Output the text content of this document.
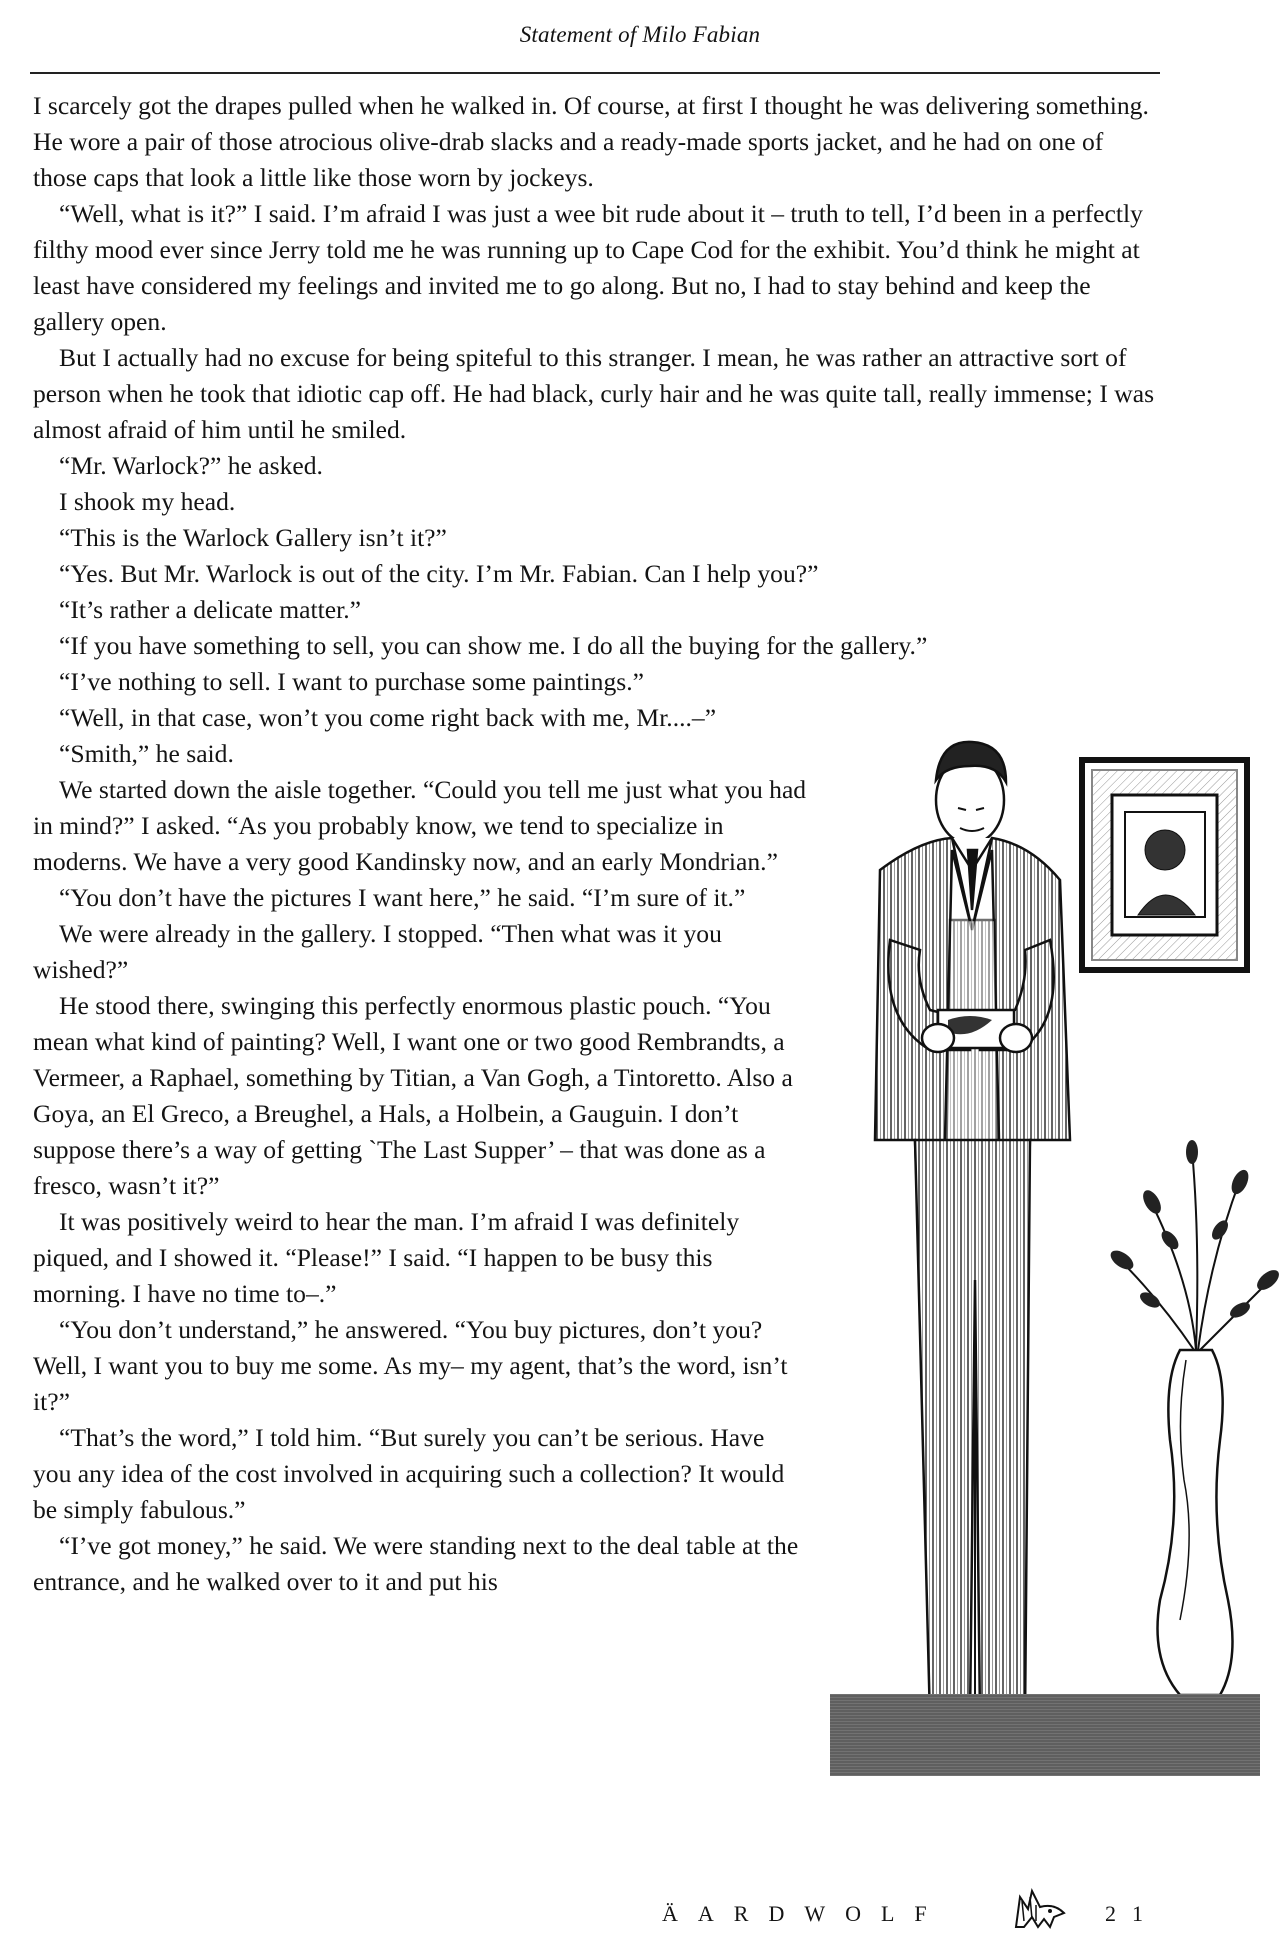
Statement of Milo Fabian

I scarcely got the drapes pulled when he walked in. Of course, at first I thought he was delivering something. He wore a pair of those atrocious olive-drab slacks and a ready-made sports jacket, and he had on one of those caps that look a little like those worn by jockeys.

“Well, what is it?” I said. I’m afraid I was just a wee bit rude about it – truth to tell, I’d been in a perfectly filthy mood ever since Jerry told me he was running up to Cape Cod for the exhibit. You’d think he might at least have considered my feelings and invited me to go along. But no, I had to stay behind and keep the gallery open.

But I actually had no excuse for being spiteful to this stranger. I mean, he was rather an attractive sort of person when he took that idiotic cap off. He had black, curly hair and he was quite tall, really immense; I was almost afraid of him until he smiled.

“Mr. Warlock?” he asked.

I shook my head.

“This is the Warlock Gallery isn’t it?”

“Yes. But Mr. Warlock is out of the city. I’m Mr. Fabian. Can I help you?”

“It’s rather a delicate matter.”

“If you have something to sell, you can show me. I do all the buying for the gallery.”

“I’ve nothing to sell. I want to purchase some paintings.”

“Well, in that case, won’t you come right back with me, Mr....–”

“Smith,” he said.

We started down the aisle together. “Could you tell me just what you had in mind?” I asked. “As you probably know, we tend to specialize in moderns. We have a very good Kandinsky now, and an early Mondrian.”

“You don’t have the pictures I want here,” he said. “I’m sure of it.”

We were already in the gallery. I stopped. “Then what was it you wished?”

He stood there, swinging this perfectly enormous plastic pouch. “You mean what kind of painting? Well, I want one or two good Rembrandts, a Vermeer, a Raphael, something by Titian, a Van Gogh, a Tintoretto. Also a Goya, an El Greco, a Breughel, a Hals, a Holbein, a Gauguin. I don’t suppose there’s a way of getting `The Last Supper’ – that was done as a fresco, wasn’t it?”

It was positively weird to hear the man. I’m afraid I was definitely piqued, and I showed it. “Please!” I said. “I happen to be busy this morning. I have no time to–.”

“You don’t understand,” he answered. “You buy pictures, don’t you? Well, I want you to buy me some. As my– my agent, that’s the word, isn’t it?”

“That’s the word,” I told him. “But surely you can’t be serious. Have you any idea of the cost involved in acquiring such a collection? It would be simply fabulous.”

“I’ve got money,” he said. We were standing next to the deal table at the entrance, and he walked over to it and put his

ÄARDWOLF	21
